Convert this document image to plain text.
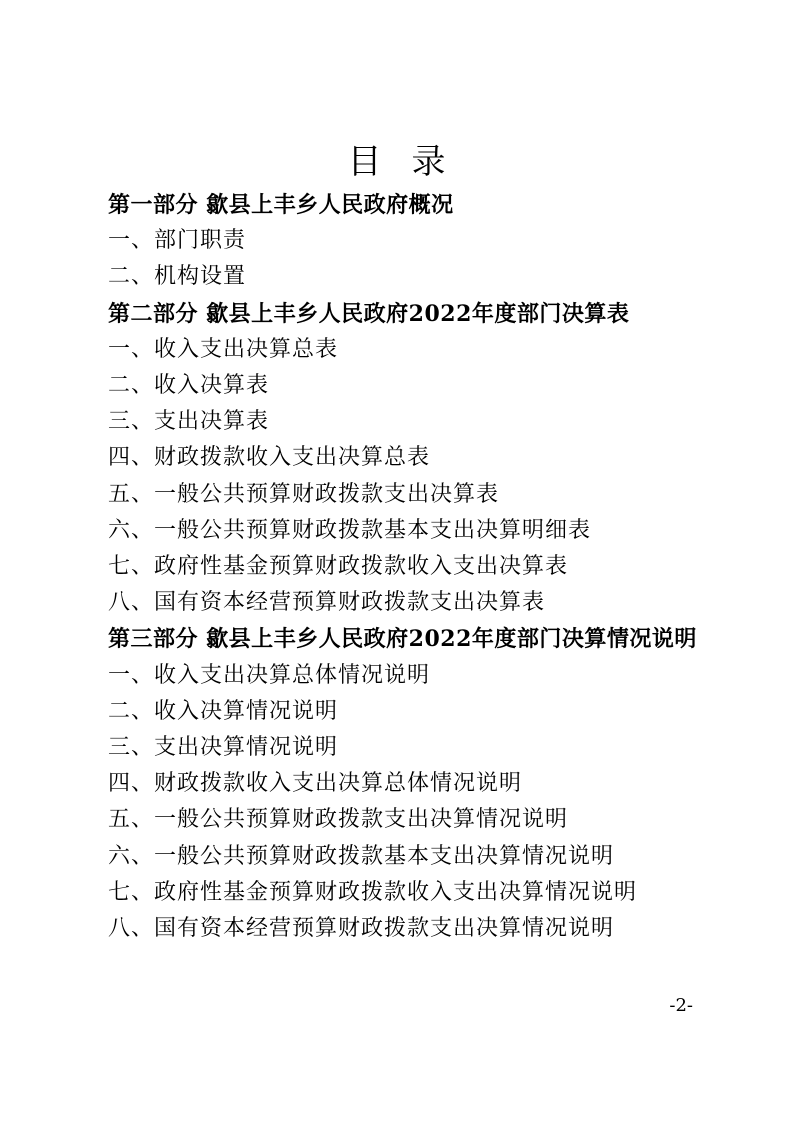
目录
第一部分 歙县上丰乡人民政府概况
一、部门职责
二、机构设置
第二部分 歙县上丰乡人民政府2022年度部门决算表
一、收入支出决算总表
二、收入决算表
三、支出决算表
四、财政拨款收入支出决算总表
五、一般公共预算财政拨款支出决算表
六、一般公共预算财政拨款基本支出决算明细表
七、政府性基金预算财政拨款收入支出决算表
八、国有资本经营预算财政拨款支出决算表
第三部分 歙县上丰乡人民政府2022年度部门决算情况说明
一、收入支出决算总体情况说明
二、收入决算情况说明
三、支出决算情况说明
四、财政拨款收入支出决算总体情况说明
五、一般公共预算财政拨款支出决算情况说明
六、一般公共预算财政拨款基本支出决算情况说明
七、政府性基金预算财政拨款收入支出决算情况说明
八、国有资本经营预算财政拨款支出决算情况说明
-2-
